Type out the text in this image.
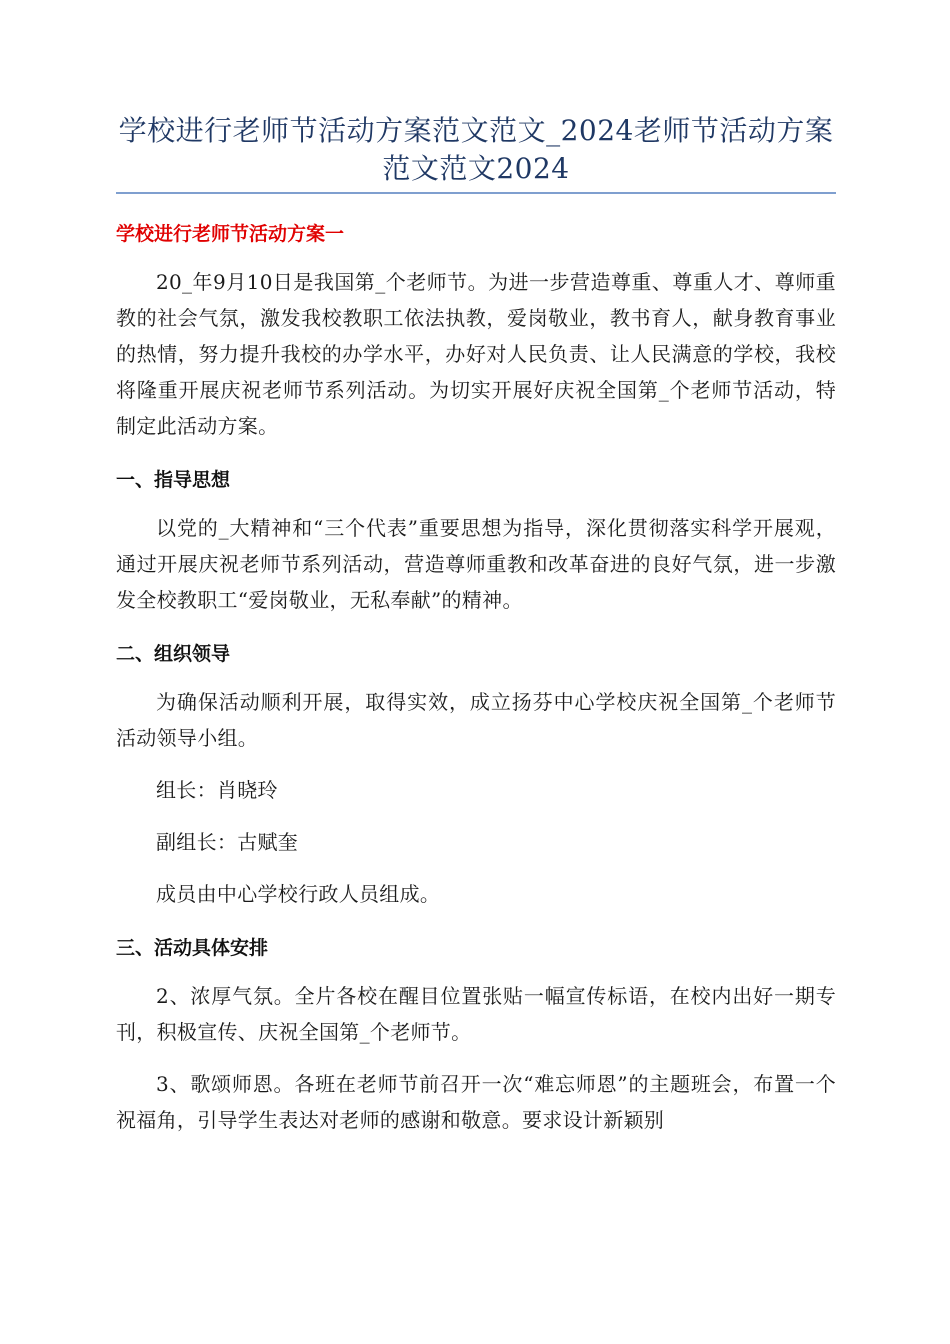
学校进行老师节活动方案范文范文_2024老师节活动方案范文范文2024

学校进行老师节活动方案一

20_年9月10日是我国第_个老师节。为进一步营造尊重、尊重人才、尊师重教的社会气氛，激发我校教职工依法执教，爱岗敬业，教书育人，献身教育事业的热情，努力提升我校的办学水平，办好对人民负责、让人民满意的学校，我校将隆重开展庆祝老师节系列活动。为切实开展好庆祝全国第_个老师节活动，特制定此活动方案。

一、指导思想

以党的_大精神和“三个代表”重要思想为指导，深化贯彻落实科学开展观，通过开展庆祝老师节系列活动，营造尊师重教和改革奋进的良好气氛，进一步激发全校教职工“爱岗敬业，无私奉献”的精神。

二、组织领导

为确保活动顺利开展，取得实效，成立扬芬中心学校庆祝全国第_个老师节活动领导小组。

组长：肖晓玲

副组长：古赋奎

成员由中心学校行政人员组成。

三、活动具体安排

2、浓厚气氛。全片各校在醒目位置张贴一幅宣传标语，在校内出好一期专刊，积极宣传、庆祝全国第_个老师节。

3、歌颂师恩。各班在老师节前召开一次“难忘师恩”的主题班会，布置一个祝福角，引导学生表达对老师的感谢和敬意。要求设计新颖别
